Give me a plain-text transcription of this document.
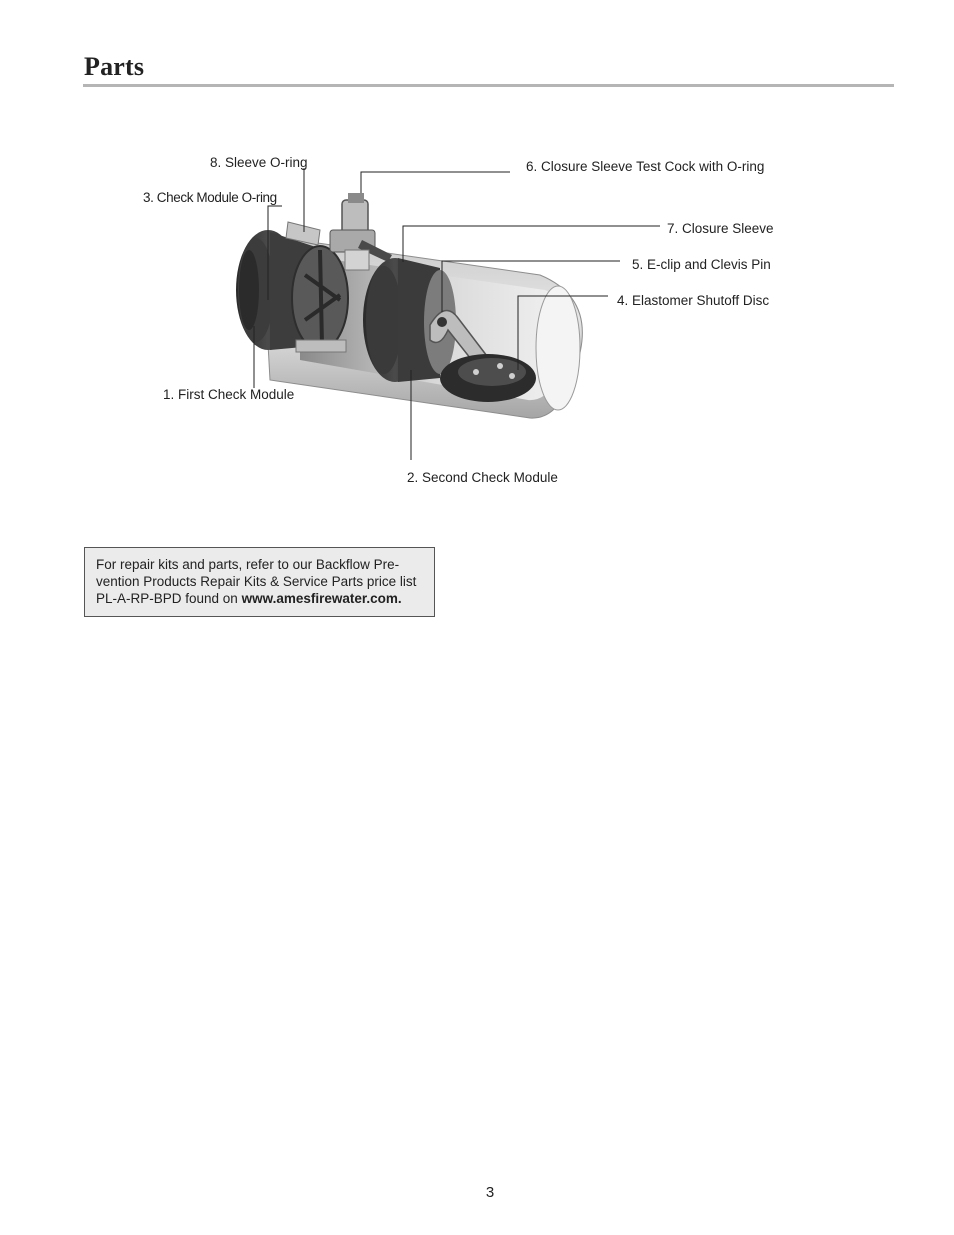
Parts
8. Sleeve O-ring
3. Check Module O-ring
1. First Check Module
6. Closure Sleeve Test Cock with O-ring
7. Closure Sleeve
5. E-clip and Clevis Pin
4. Elastomer Shutoff Disc
2. Second Check Module
For repair kits and parts, refer to our Backflow Pre-vention Products Repair Kits & Service Parts price list PL-A-RP-BPD found on www.amesfirewater.com.
3
